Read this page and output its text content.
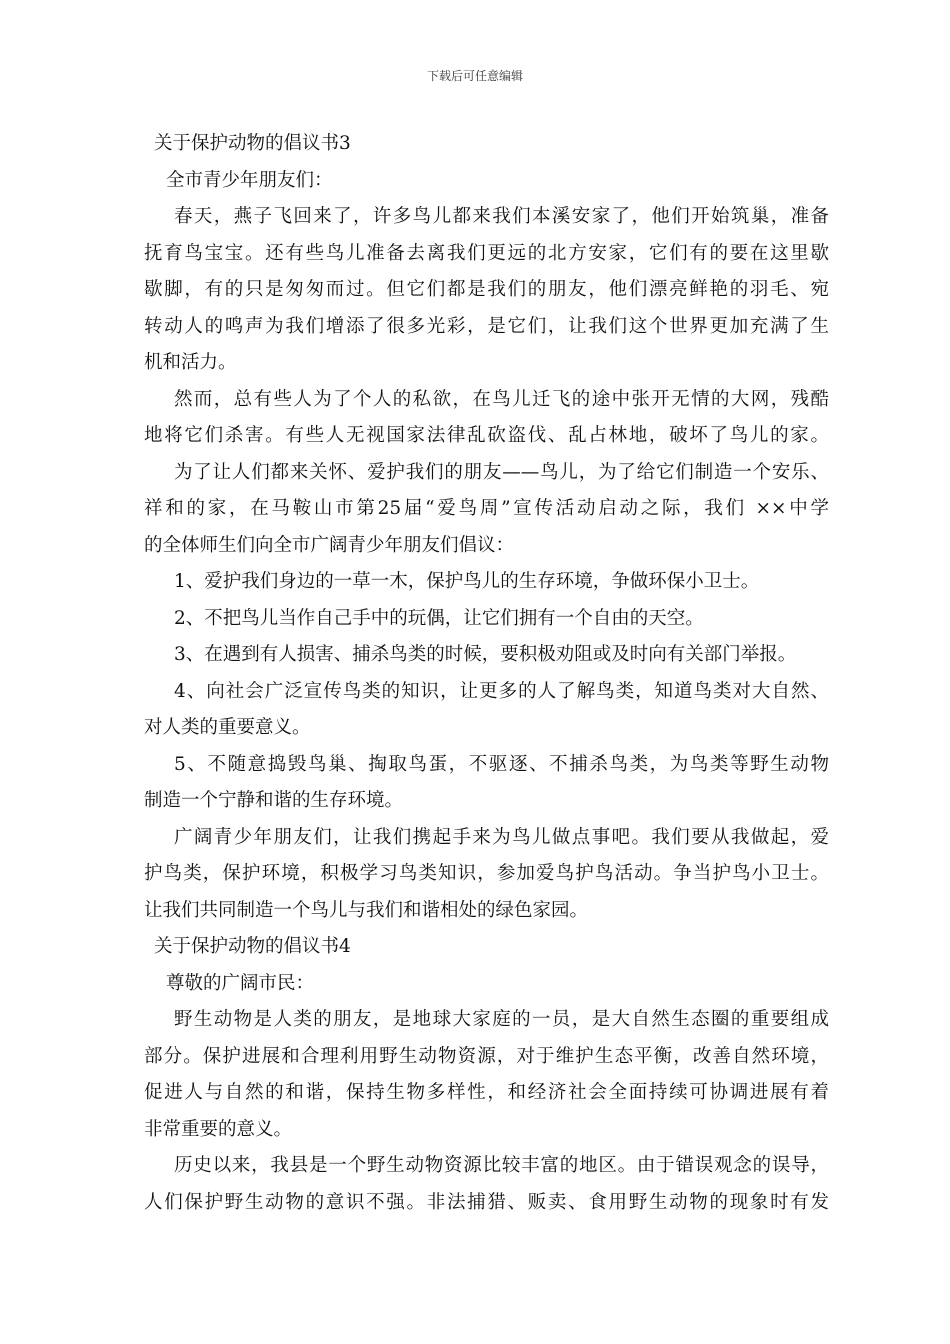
下载后可任意编辑
关于保护动物的倡议书3
全市青少年朋友们：
春天，燕子飞回来了，许多鸟儿都来我们本溪安家了，他们开始筑巢，准备
抚育鸟宝宝。还有些鸟儿准备去离我们更远的北方安家，它们有的要在这里歇
歇脚，有的只是匆匆而过。但它们都是我们的朋友，他们漂亮鲜艳的羽毛、宛
转动人的鸣声为我们增添了很多光彩，是它们，让我们这个世界更加充满了生
机和活力。
然而，总有些人为了个人的私欲，在鸟儿迁飞的途中张开无情的大网，残酷
地将它们杀害。有些人无视国家法律乱砍盗伐、乱占林地，破坏了鸟儿的家。
为了让人们都来关怀、爱护我们的朋友——鸟儿，为了给它们制造一个安乐、
祥和的家，在马鞍山市第25届“爱鸟周”宣传活动启动之际，我们 ××中学
的全体师生们向全市广阔青少年朋友们倡议：
1、爱护我们身边的一草一木，保护鸟儿的生存环境，争做环保小卫士。
2、不把鸟儿当作自己手中的玩偶，让它们拥有一个自由的天空。
3、在遇到有人损害、捕杀鸟类的时候，要积极劝阻或及时向有关部门举报。
4、向社会广泛宣传鸟类的知识，让更多的人了解鸟类，知道鸟类对大自然、
对人类的重要意义。
5、不随意捣毁鸟巢、掏取鸟蛋，不驱逐、不捕杀鸟类，为鸟类等野生动物
制造一个宁静和谐的生存环境。
广阔青少年朋友们，让我们携起手来为鸟儿做点事吧。我们要从我做起，爱
护鸟类，保护环境，积极学习鸟类知识，参加爱鸟护鸟活动。争当护鸟小卫士。
让我们共同制造一个鸟儿与我们和谐相处的绿色家园。
关于保护动物的倡议书4
尊敬的广阔市民：
野生动物是人类的朋友，是地球大家庭的一员，是大自然生态圈的重要组成
部分。保护进展和合理利用野生动物资源，对于维护生态平衡，改善自然环境，
促进人与自然的和谐，保持生物多样性，和经济社会全面持续可协调进展有着
非常重要的意义。
历史以来，我县是一个野生动物资源比较丰富的地区。由于错误观念的误导，
人们保护野生动物的意识不强。非法捕猎、贩卖、食用野生动物的现象时有发
